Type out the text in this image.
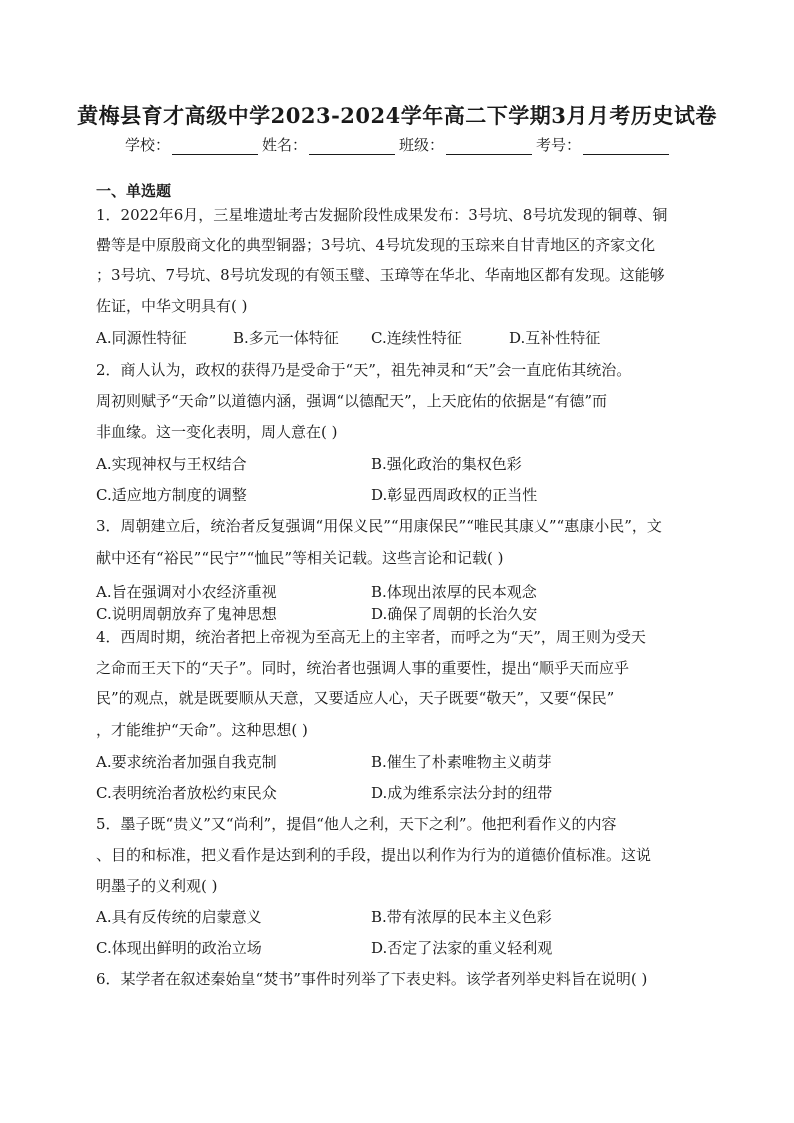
黄梅县育才高级中学2023-2024学年高二下学期3月月考历史试卷
学校：	姓名：	班级：	考号：
一、单选题
1．2022年6月，三星堆遗址考古发掘阶段性成果发布：3号坑、8号坑发现的铜尊、铜
罍等是中原殷商文化的典型铜器；3号坑、4号坑发现的玉琮来自甘青地区的齐家文化
；3号坑、7号坑、8号坑发现的有领玉璧、玉璋等在华北、华南地区都有发现。这能够
佐证，中华文明具有( )
A.同源性特征	B.多元一体特征 C.连续性特征	D.互补性特征
2．商人认为，政权的获得乃是受命于“天”，祖先神灵和“天”会一直庇佑其统治。
周初则赋予“天命”以道德内涵，强调“以德配天”，上天庇佑的依据是“有德”而
非血缘。这一变化表明，周人意在( )
A.实现神权与王权结合	B.强化政治的集权色彩
C.适应地方制度的调整	D.彰显西周政权的正当性
3．周朝建立后，统治者反复强调“用保义民”“用康保民”“唯民其康乂”“惠康小民”，文
献中还有“裕民”“民宁”“恤民”等相关记载。这些言论和记载( )
A.旨在强调对小农经济重视	B.体现出浓厚的民本观念
C.说明周朝放弃了鬼神思想	D.确保了周朝的长治久安
4．西周时期，统治者把上帝视为至高无上的主宰者，而呼之为“天”，周王则为受天
之命而王天下的“天子”。同时，统治者也强调人事的重要性，提出“顺乎天而应乎
民”的观点，就是既要顺从天意，又要适应人心，天子既要“敬天”，又要“保民”
，才能维护“天命”。这种思想( )
A.要求统治者加强自我克制	B.催生了朴素唯物主义萌芽
C.表明统治者放松约束民众	D.成为维系宗法分封的纽带
5．墨子既“贵义”又“尚利”，提倡“他人之利，天下之利”。他把利看作义的内容
、目的和标准，把义看作是达到利的手段，提出以利作为行为的道德价值标准。这说
明墨子的义利观( )
A.具有反传统的启蒙意义	B.带有浓厚的民本主义色彩
C.体现出鲜明的政治立场	D.否定了法家的重义轻利观
6．某学者在叙述秦始皇“焚书”事件时列举了下表史料。该学者列举史料旨在说明( )
